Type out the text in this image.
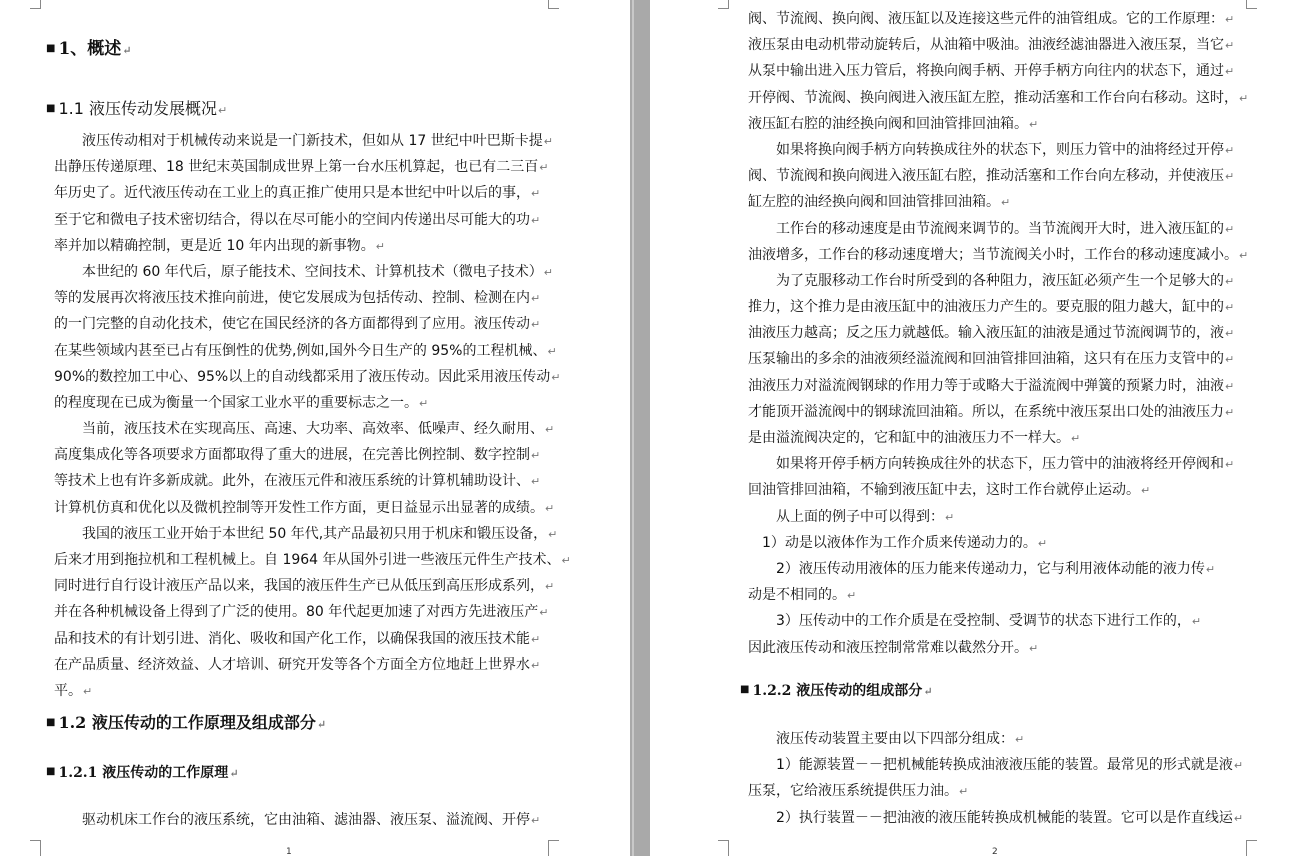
■ 1、概述↵
■ 1.1 液压传动发展概况↵
　　液压传动相对于机械传动来说是一门新技术，但如从 17 世纪中叶巴斯卡提↵
出静压传递原理、18 世纪末英国制成世界上第一台水压机算起，也已有二三百↵
年历史了。近代液压传动在工业上的真正推广使用只是本世纪中叶以后的事，↵
至于它和微电子技术密切结合，得以在尽可能小的空间内传递出尽可能大的功↵
率并加以精确控制，更是近 10 年内出现的新事物。↵
　　本世纪的 60 年代后，原子能技术、空间技术、计算机技术（微电子技术）↵
等的发展再次将液压技术推向前进，使它发展成为包括传动、控制、检测在内↵
的一门完整的自动化技术，使它在国民经济的各方面都得到了应用。液压传动↵
在某些领域内甚至已占有压倒性的优势,例如,国外今日生产的 95%的工程机械、↵
90%的数控加工中心、95%以上的自动线都采用了液压传动。因此采用液压传动↵
的程度现在已成为衡量一个国家工业水平的重要标志之一。↵
　　当前，液压技术在实现高压、高速、大功率、高效率、低噪声、经久耐用、↵
高度集成化等各项要求方面都取得了重大的进展，在完善比例控制、数字控制↵
等技术上也有许多新成就。此外，在液压元件和液压系统的计算机辅助设计、↵
计算机仿真和优化以及微机控制等开发性工作方面，更日益显示出显著的成绩。↵
　　我国的液压工业开始于本世纪 50 年代,其产品最初只用于机床和锻压设备，↵
后来才用到拖拉机和工程机械上。自 1964 年从国外引进一些液压元件生产技术、↵
同时进行自行设计液压产品以来，我国的液压件生产已从低压到高压形成系列，↵
并在各种机械设备上得到了广泛的使用。80 年代起更加速了对西方先进液压产↵
品和技术的有计划引进、消化、吸收和国产化工作，以确保我国的液压技术能↵
在产品质量、经济效益、人才培训、研究开发等各个方面全方位地赶上世界水↵
平。↵
■ 1.2 液压传动的工作原理及组成部分↵
■ 1.2.1 液压传动的工作原理↵
　　驱动机床工作台的液压系统，它由油箱、滤油器、液压泵、溢流阀、开停↵
1
阀、节流阀、换向阀、液压缸以及连接这些元件的油管组成。它的工作原理：↵
液压泵由电动机带动旋转后，从油箱中吸油。油液经滤油器进入液压泵，当它↵
从泵中输出进入压力管后，将换向阀手柄、开停手柄方向往内的状态下，通过↵
开停阀、节流阀、换向阀进入液压缸左腔，推动活塞和工作台向右移动。这时，↵
液压缸右腔的油经换向阀和回油管排回油箱。↵
　　如果将换向阀手柄方向转换成往外的状态下，则压力管中的油将经过开停↵
阀、节流阀和换向阀进入液压缸右腔，推动活塞和工作台向左移动，并使液压↵
缸左腔的油经换向阀和回油管排回油箱。↵
　　工作台的移动速度是由节流阀来调节的。当节流阀开大时，进入液压缸的↵
油液增多，工作台的移动速度增大；当节流阀关小时，工作台的移动速度减小。↵
　　为了克服移动工作台时所受到的各种阻力，液压缸必须产生一个足够大的↵
推力，这个推力是由液压缸中的油液压力产生的。要克服的阻力越大，缸中的↵
油液压力越高；反之压力就越低。输入液压缸的油液是通过节流阀调节的，液↵
压泵输出的多余的油液须经溢流阀和回油管排回油箱，这只有在压力支管中的↵
油液压力对溢流阀钢球的作用力等于或略大于溢流阀中弹簧的预紧力时，油液↵
才能顶开溢流阀中的钢球流回油箱。所以，在系统中液压泵出口处的油液压力↵
是由溢流阀决定的，它和缸中的油液压力不一样大。↵
　　如果将开停手柄方向转换成往外的状态下，压力管中的油液将经开停阀和↵
回油管排回油箱，不输到液压缸中去，这时工作台就停止运动。↵
　　从上面的例子中可以得到：↵
　1）动是以液体作为工作介质来传递动力的。↵
　　2）液压传动用液体的压力能来传递动力，它与利用液体动能的液力传↵
动是不相同的。↵
　　3）压传动中的工作介质是在受控制、受调节的状态下进行工作的，↵
因此液压传动和液压控制常常难以截然分开。↵
■ 1.2.2 液压传动的组成部分↵
　　液压传动装置主要由以下四部分组成：↵
　　1）能源装置－－把机械能转换成油液液压能的装置。最常见的形式就是液↵
压泵，它给液压系统提供压力油。↵
　　2）执行装置－－把油液的液压能转换成机械能的装置。它可以是作直线运↵
2
